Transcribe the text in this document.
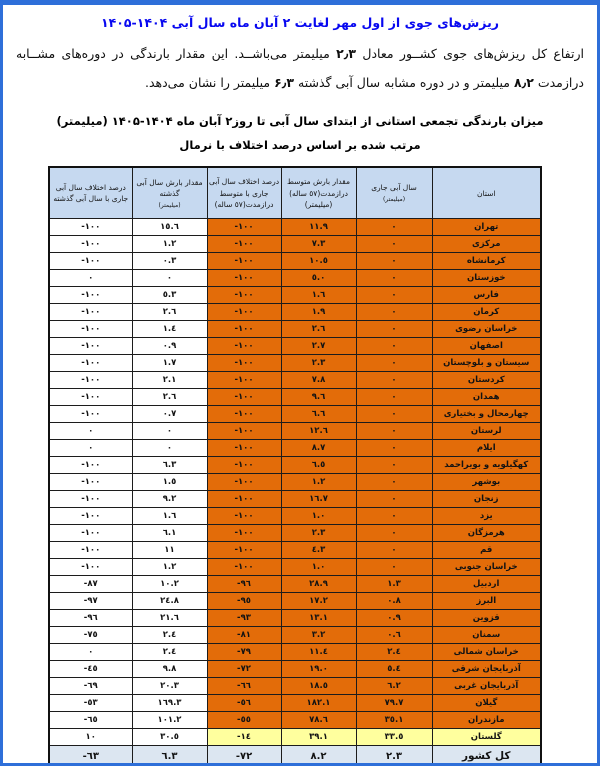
ریزش‌های جوی از اول مهر لغایت ۲ آبان ماه سال آبی ۱۴۰۴-۱۴۰۵
ارتفاع کل ریزش‌های جوی کشــور معادل ۲٫۳ میلیمتر می‌باشــد. این مقدار بارندگی در دوره‌های مشــابه درازمدت ۸٫۲ میلیمتر و در دوره مشابه سال آبی گذشته ۶٫۳ میلیمتر را نشان می‌دهد.
میزان بارندگی تجمعی استانی از ابتدای سال آبی تا روز۲ آبان ماه ۱۴۰۴-۱۴۰۵ (میلیمتر)
مرتب شده بر اساس درصد اختلاف با نرمال
استان

سال آبی جاری
(میلیمتر)

مقدار بارش متوسط درازمدت(٥٧ ساله) (میلیمتر)

درصد اختلاف سال آبی جاری با متوسط درازمدت(٥٧ ساله)

مقدار بارش سال آبی گذشته
(میلیمتر)

درصد اختلاف سال آبی جاری با سال آبی گذشته

تهران	٠	١١.٩	-١٠٠	١٥.٦	-١٠٠
مرکزی	٠	٧.٣	-١٠٠	١.٢	-١٠٠
کرمانشاه	٠	١٠.٥	-١٠٠	٠.٣	-١٠٠
خوزستان	٠	٥.٠	-١٠٠	٠	٠
فارس	٠	١.٦	-١٠٠	٥.٣	-١٠٠
کرمان	٠	١.٩	-١٠٠	٢.٦	-١٠٠
خراسان رضوی	٠	٢.٦	-١٠٠	١.٤	-١٠٠
اصفهان	٠	٢.٧	-١٠٠	٠.٩	-١٠٠
سیستان و بلوچستان	٠	٢.٣	-١٠٠	١.٧	-١٠٠
کردستان	٠	٧.٨	-١٠٠	٢.١	-١٠٠
همدان	٠	٩.٦	-١٠٠	٢.٦	-١٠٠
چهارمحال و بختیاری	٠	٦.٦	-١٠٠	٠.٧	-١٠٠
لرستان	٠	١٢.٦	-١٠٠	٠	٠
ایلام	٠	٨.٧	-١٠٠	٠	٠
کهگیلویه و بویراحمد	٠	٦.٥	-١٠٠	٦.٣	-١٠٠
بوشهر	٠	١.٢	-١٠٠	١.٥	-١٠٠
زنجان	٠	١٦.٧	-١٠٠	٩.٢	-١٠٠
یزد	٠	١.٠	-١٠٠	١.٦	-١٠٠
هرمزگان	٠	٢.٣	-١٠٠	٦.١	-١٠٠
قم	٠	٤.٣	-١٠٠	١١	-١٠٠
خراسان جنوبی	٠	١.٠	-١٠٠	١.٢	-١٠٠
اردبیل	١.٣	٢٨.٩	-٩٦	١٠.٢	-٨٧
البرز	٠.٨	١٧.٢	-٩٥	٢٤.٨	-٩٧
قزوین	٠.٩	١٣.١	-٩٣	٢١.٦	-٩٦
سمنان	٠.٦	٣.٢	-٨١	٢.٤	-٧٥
خراسان شمالی	٢.٤	١١.٤	-٧٩	٢.٤	٠
آذربایجان شرقی	٥.٤	١٩.٠	-٧٢	٩.٨	-٤٥
آذربایجان غربی	٦.٢	١٨.٥	-٦٦	٢٠.٣	-٦٩
گیلان	٧٩.٧	١٨٢.١	-٥٦	١٦٩.٣	-٥٣
مازندران	٣٥.١	٧٨.٦	-٥٥	١٠١.٢	-٦٥
گلستان	٣٣.٥	٣٩.١	-١٤	٣٠.٥	١٠
کل کشور	٢.٣	٨.٢	-٧٢	٦.٣	-٦٣
